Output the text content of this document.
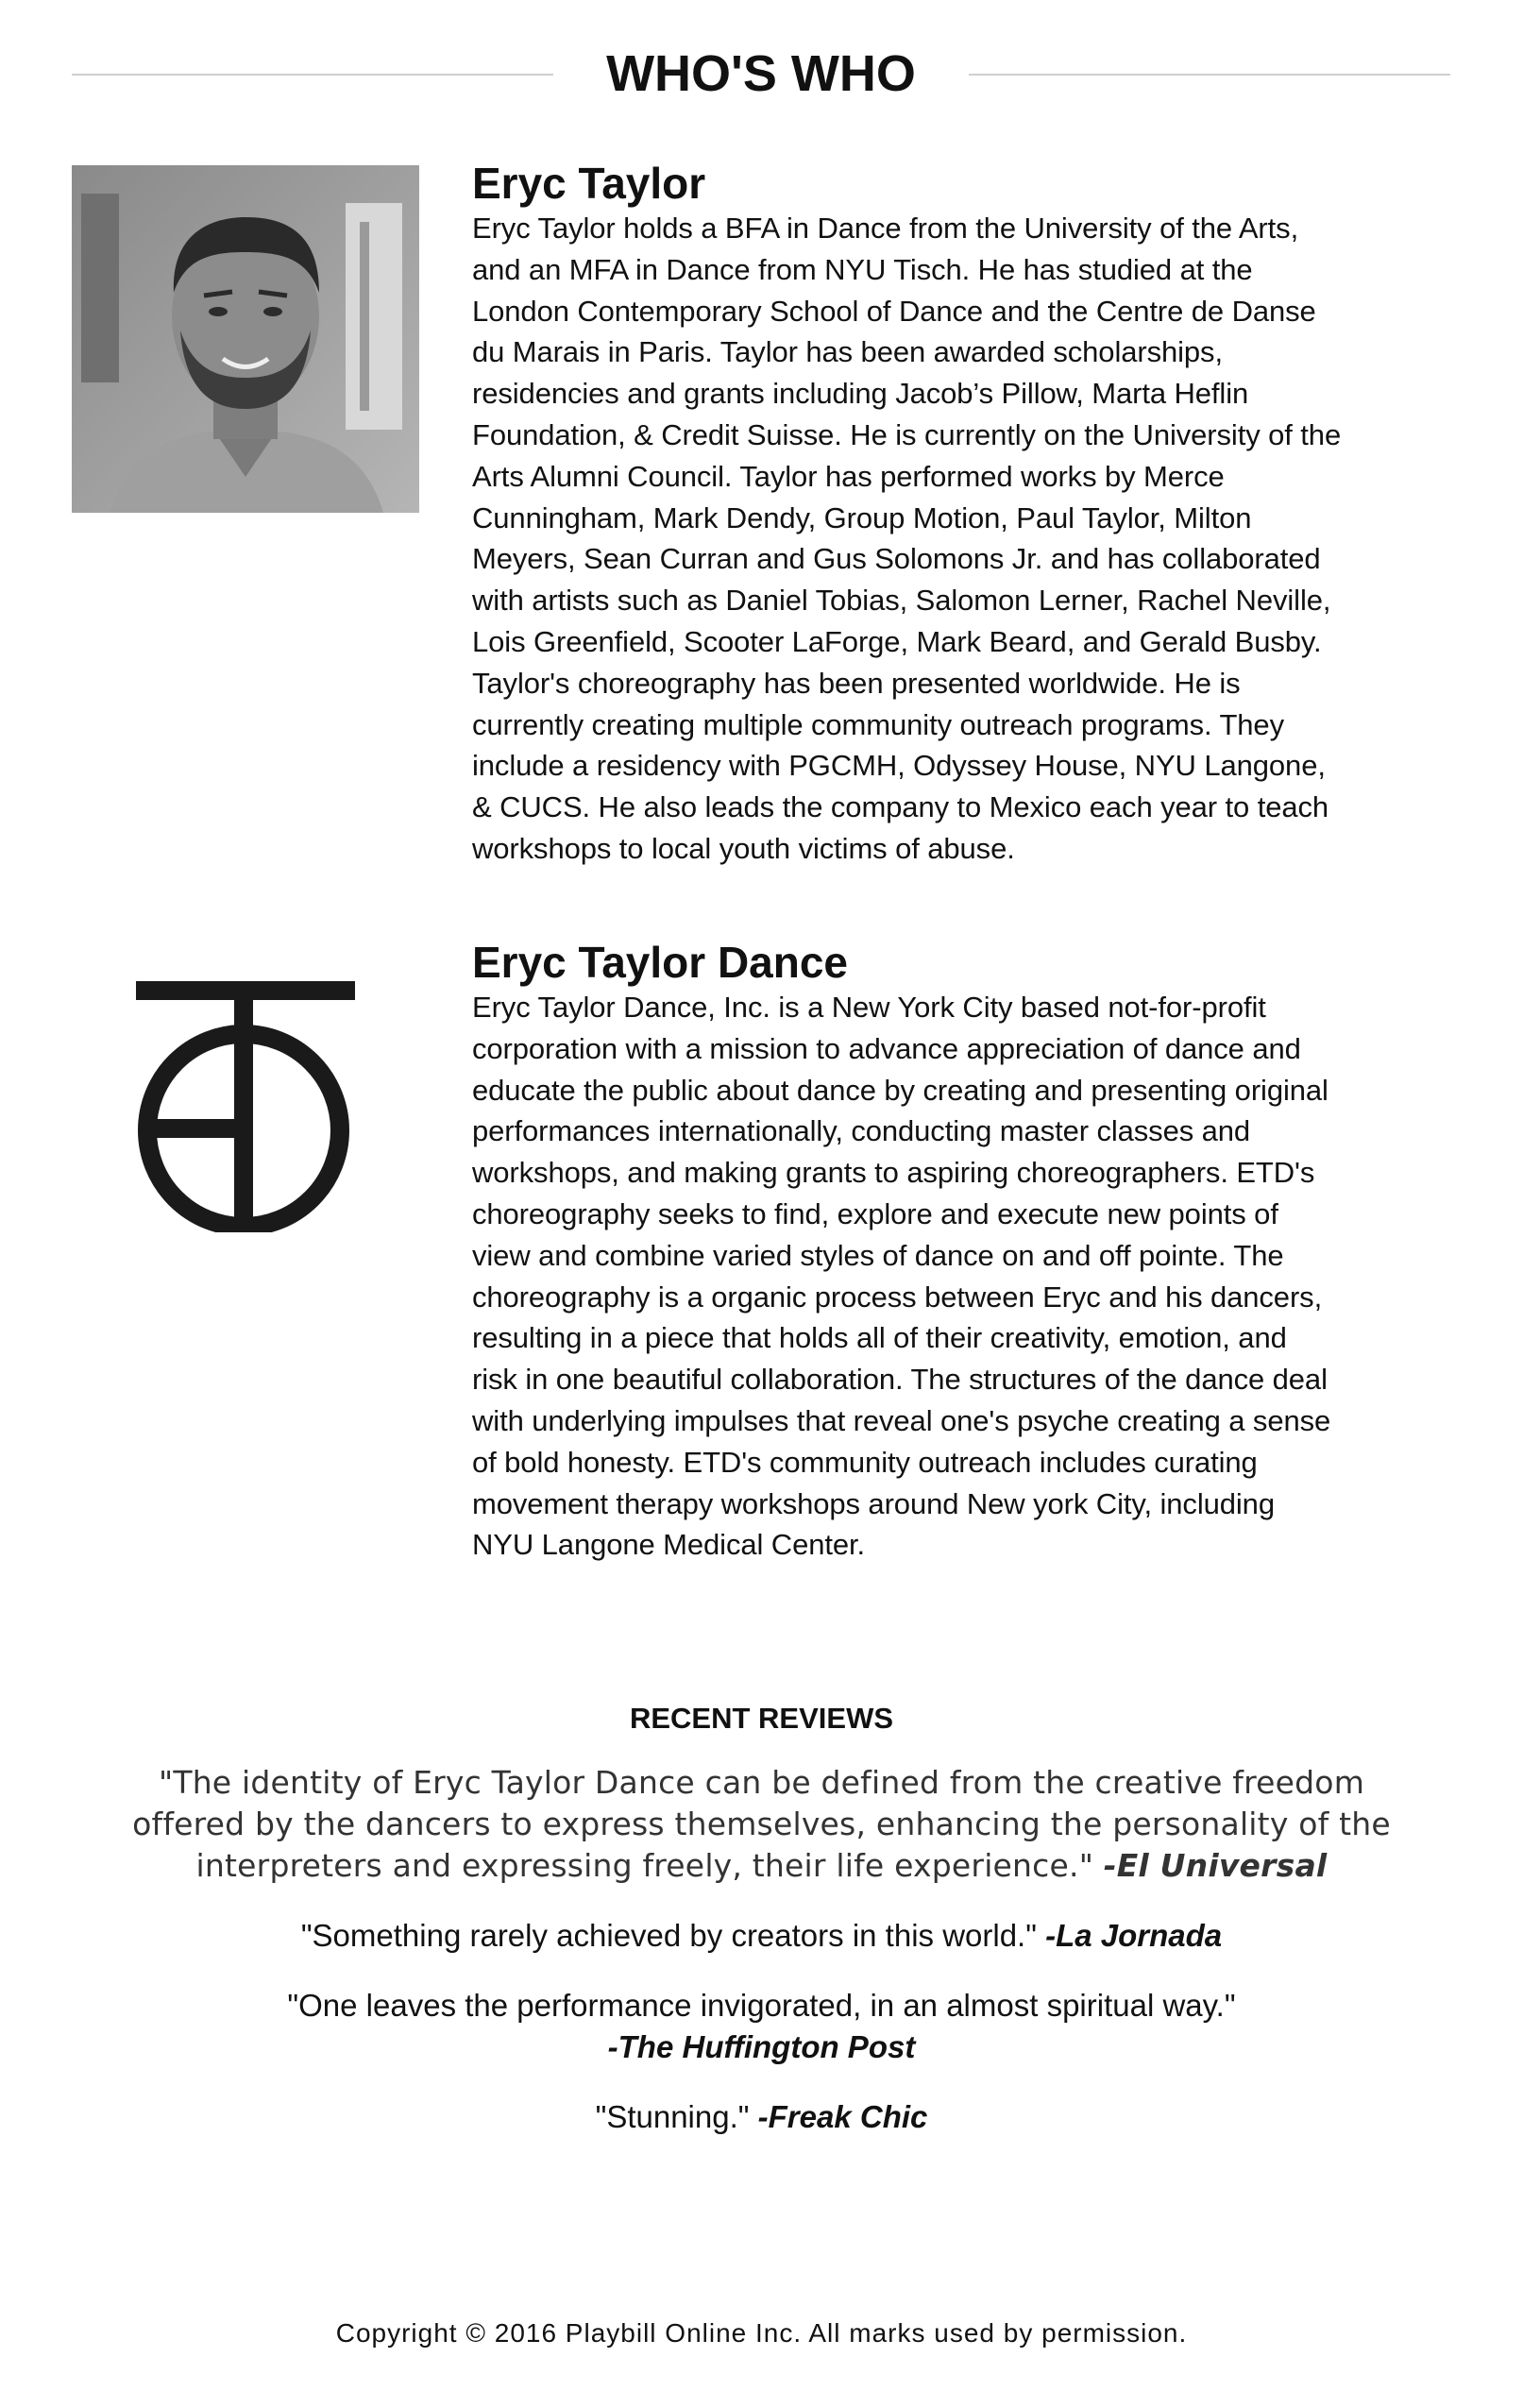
WHO'S WHO
Eryc Taylor

Eryc Taylor holds a BFA in Dance from the University of the Arts,
and an MFA in Dance from NYU Tisch. He has studied at the
London Contemporary School of Dance and the Centre de Danse
du Marais in Paris. Taylor has been awarded scholarships,
residencies and grants including Jacob’s Pillow, Marta Heflin
Foundation, & Credit Suisse. He is currently on the University of the
Arts Alumni Council. Taylor has performed works by Merce
Cunningham, Mark Dendy, Group Motion, Paul Taylor, Milton
Meyers, Sean Curran and Gus Solomons Jr. and has collaborated
with artists such as Daniel Tobias, Salomon Lerner, Rachel Neville,
Lois Greenfield, Scooter LaForge, Mark Beard, and Gerald Busby.
Taylor's choreography has been presented worldwide. He is
currently creating multiple community outreach programs. They
include a residency with PGCMH, Odyssey House, NYU Langone,
& CUCS. He also leads the company to Mexico each year to teach
workshops to local youth victims of abuse.

Eryc Taylor Dance

Eryc Taylor Dance, Inc. is a New York City based not-for-profit
corporation with a mission to advance appreciation of dance and
educate the public about dance by creating and presenting original
performances internationally, conducting master classes and
workshops, and making grants to aspiring choreographers. ETD's
choreography seeks to find, explore and execute new points of
view and combine varied styles of dance on and off pointe. The
choreography is a organic process between Eryc and his dancers,
resulting in a piece that holds all of their creativity, emotion, and
risk in one beautiful collaboration. The structures of the dance deal
with underlying impulses that reveal one's psyche creating a sense
of bold honesty. ETD's community outreach includes curating
movement therapy workshops around New york City, including
NYU Langone Medical Center.

RECENT REVIEWS

"The identity of Eryc Taylor Dance can be defined from the creative freedom
offered by the dancers to express themselves, enhancing the personality of the
interpreters and expressing freely, their life experience." -El Universal

"Something rarely achieved by creators in this world." -La Jornada

"One leaves the performance invigorated, in an almost spiritual way."
-The Huffington Post

"Stunning." -Freak Chic

Copyright © 2016 Playbill Online Inc. All marks used by permission.
